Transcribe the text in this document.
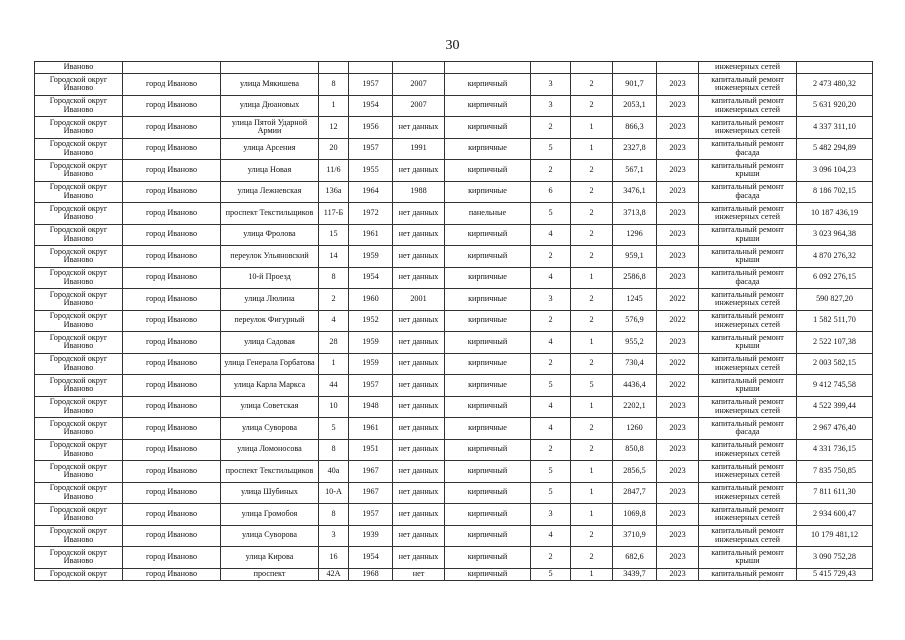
30
Иваново											инженерных сетей	
Городской округ Иваново	город Иваново	улица Мякишева	8	1957	2007	кирпичный	3	2	901,7	2023	капитальный ремонт инженерных сетей	2 473 480,32
Городской округ Иваново	город Иваново	улица Дюановых	1	1954	2007	кирпичный	3	2	2053,1	2023	капитальный ремонт инженерных сетей	5 631 920,20
Городской округ Иваново	город Иваново	улица Пятой Ударной Армии	12	1956	нет данных	кирпичный	2	1	866,3	2023	капитальный ремонт инженерных сетей	4 337 311,10
Городской округ Иваново	город Иваново	улица Арсения	20	1957	1991	кирпичные	5	1	2327,8	2023	капитальный ремонт фасада	5 482 294,89
Городской округ Иваново	город Иваново	улица Новая	11/6	1955	нет данных	кирпичный	2	2	567,1	2023	капитальный ремонт крыши	3 096 104,23
Городской округ Иваново	город Иваново	улица Лежневская	136а	1964	1988	кирпичные	6	2	3476,1	2023	капитальный ремонт фасада	8 186 702,15
Городской округ Иваново	город Иваново	проспект Текстильщиков	117-Б	1972	нет данных	панельные	5	2	3713,8	2023	капитальный ремонт инженерных сетей	10 187 436,19
Городской округ Иваново	город Иваново	улица Фролова	15	1961	нет данных	кирпичный	4	2	1296	2023	капитальный ремонт крыши	3 023 964,38
Городской округ Иваново	город Иваново	переулок Ульяновский	14	1959	нет данных	кирпичный	2	2	959,1	2023	капитальный ремонт крыши	4 870 276,32
Городской округ Иваново	город Иваново	10-й Проезд	8	1954	нет данных	кирпичные	4	1	2586,8	2023	капитальный ремонт фасада	6 092 276,15
Городской округ Иваново	город Иваново	улица Люлина	2	1960	2001	кирпичные	3	2	1245	2022	капитальный ремонт инженерных сетей	590 827,20
Городской округ Иваново	город Иваново	переулок Фигурный	4	1952	нет данных	кирпичные	2	2	576,9	2022	капитальный ремонт инженерных сетей	1 582 511,70
Городской округ Иваново	город Иваново	улица Садовая	28	1959	нет данных	кирпичный	4	1	955,2	2023	капитальный ремонт крыши	2 522 107,38
Городской округ Иваново	город Иваново	улица Генерала Горбатова	1	1959	нет данных	кирпичные	2	2	730,4	2022	капитальный ремонт инженерных сетей	2 003 582,15
Городской округ Иваново	город Иваново	улица Карла Маркса	44	1957	нет данных	кирпичные	5	5	4436,4	2022	капитальный ремонт крыши	9 412 745,58
Городской округ Иваново	город Иваново	улица Советская	10	1948	нет данных	кирпичный	4	1	2202,1	2023	капитальный ремонт инженерных сетей	4 522 399,44
Городской округ Иваново	город Иваново	улица Суворова	5	1961	нет данных	кирпичные	4	2	1260	2023	капитальный ремонт фасада	2 967 476,40
Городской округ Иваново	город Иваново	улица Ломоносова	8	1951	нет данных	кирпичный	2	2	850,8	2023	капитальный ремонт инженерных сетей	4 331 736,15
Городской округ Иваново	город Иваново	проспект Текстильщиков	40а	1967	нет данных	кирпичный	5	1	2856,5	2023	капитальный ремонт инженерных сетей	7 835 750,85
Городской округ Иваново	город Иваново	улица Шубиных	10-А	1967	нет данных	кирпичный	5	1	2847,7	2023	капитальный ремонт инженерных сетей	7 811 611,30
Городской округ Иваново	город Иваново	улица Громобоя	8	1957	нет данных	кирпичный	3	1	1069,8	2023	капитальный ремонт инженерных сетей	2 934 600,47
Городской округ Иваново	город Иваново	улица Суворова	3	1939	нет данных	кирпичный	4	2	3710,9	2023	капитальный ремонт инженерных сетей	10 179 481,12
Городской округ Иваново	город Иваново	улица Кирова	16	1954	нет данных	кирпичный	2	2	682,6	2023	капитальный ремонт крыши	3 090 752,28
Городской округ	город Иваново	проспект	42А	1968	нет	кирпичный	5	1	3439,7	2023	капитальный ремонт	5 415 729,43
